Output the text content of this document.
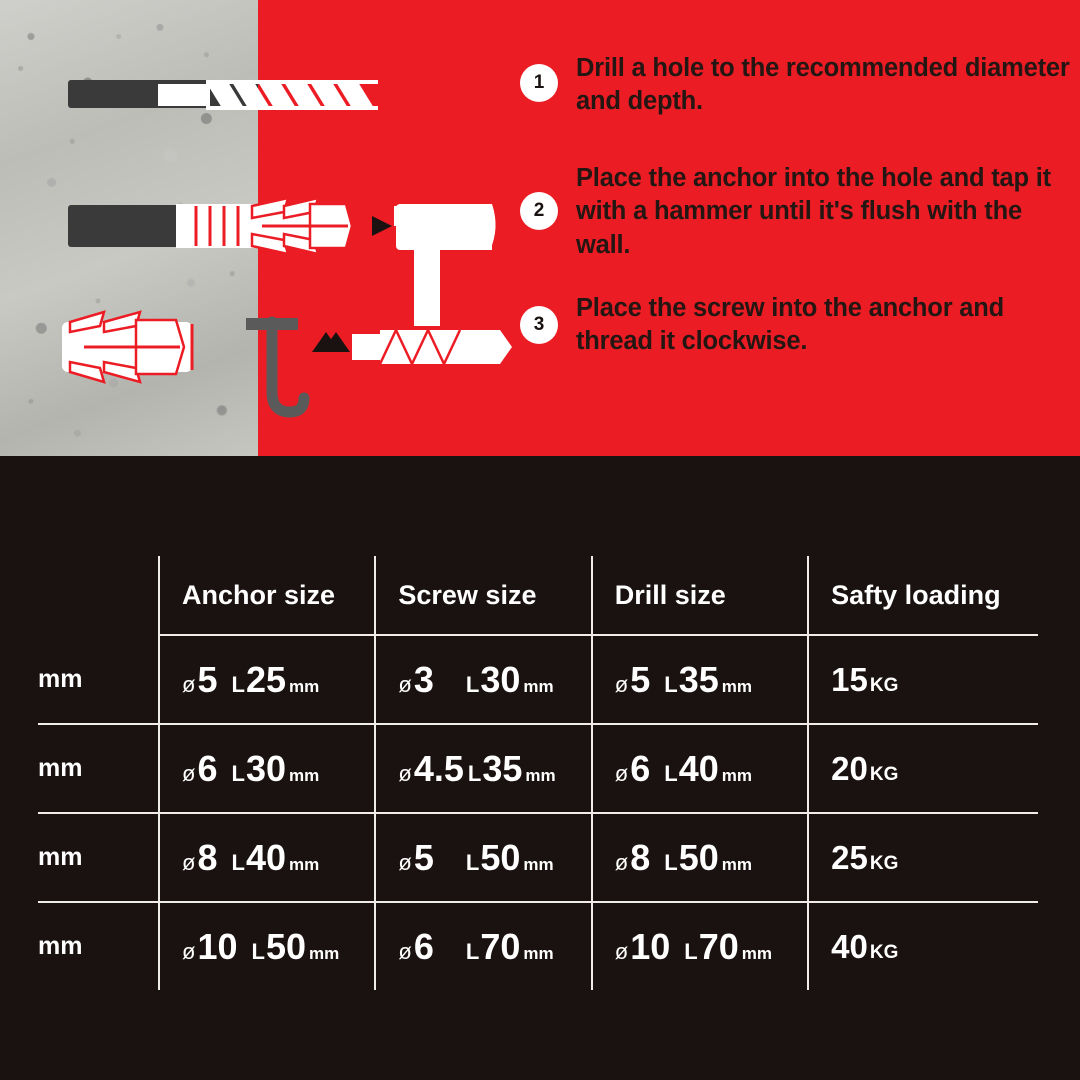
1
Drill a hole to the recommended diameter and depth.
2
Place the anchor into the hole and tap it with a hammer until it's flush with the wall.
3
Place the screw into the anchor and thread it clockwise.
	Anchor size	Screw size	Drill size	Safty loading
mm	ø 5 L 25 mm	ø 3 L 30 mm	ø 5 L 35 mm	15 KG

mm	ø 6 L 30 mm	ø 4.5 L 35 mm	ø 6 L 40 mm	20 KG

mm	ø 8 L 40 mm	ø 5 L 50 mm	ø 8 L 50 mm	25 KG

mm	ø 10 L 50 mm	ø 6 L 70 mm	ø 10 L 70 mm	40 KG
